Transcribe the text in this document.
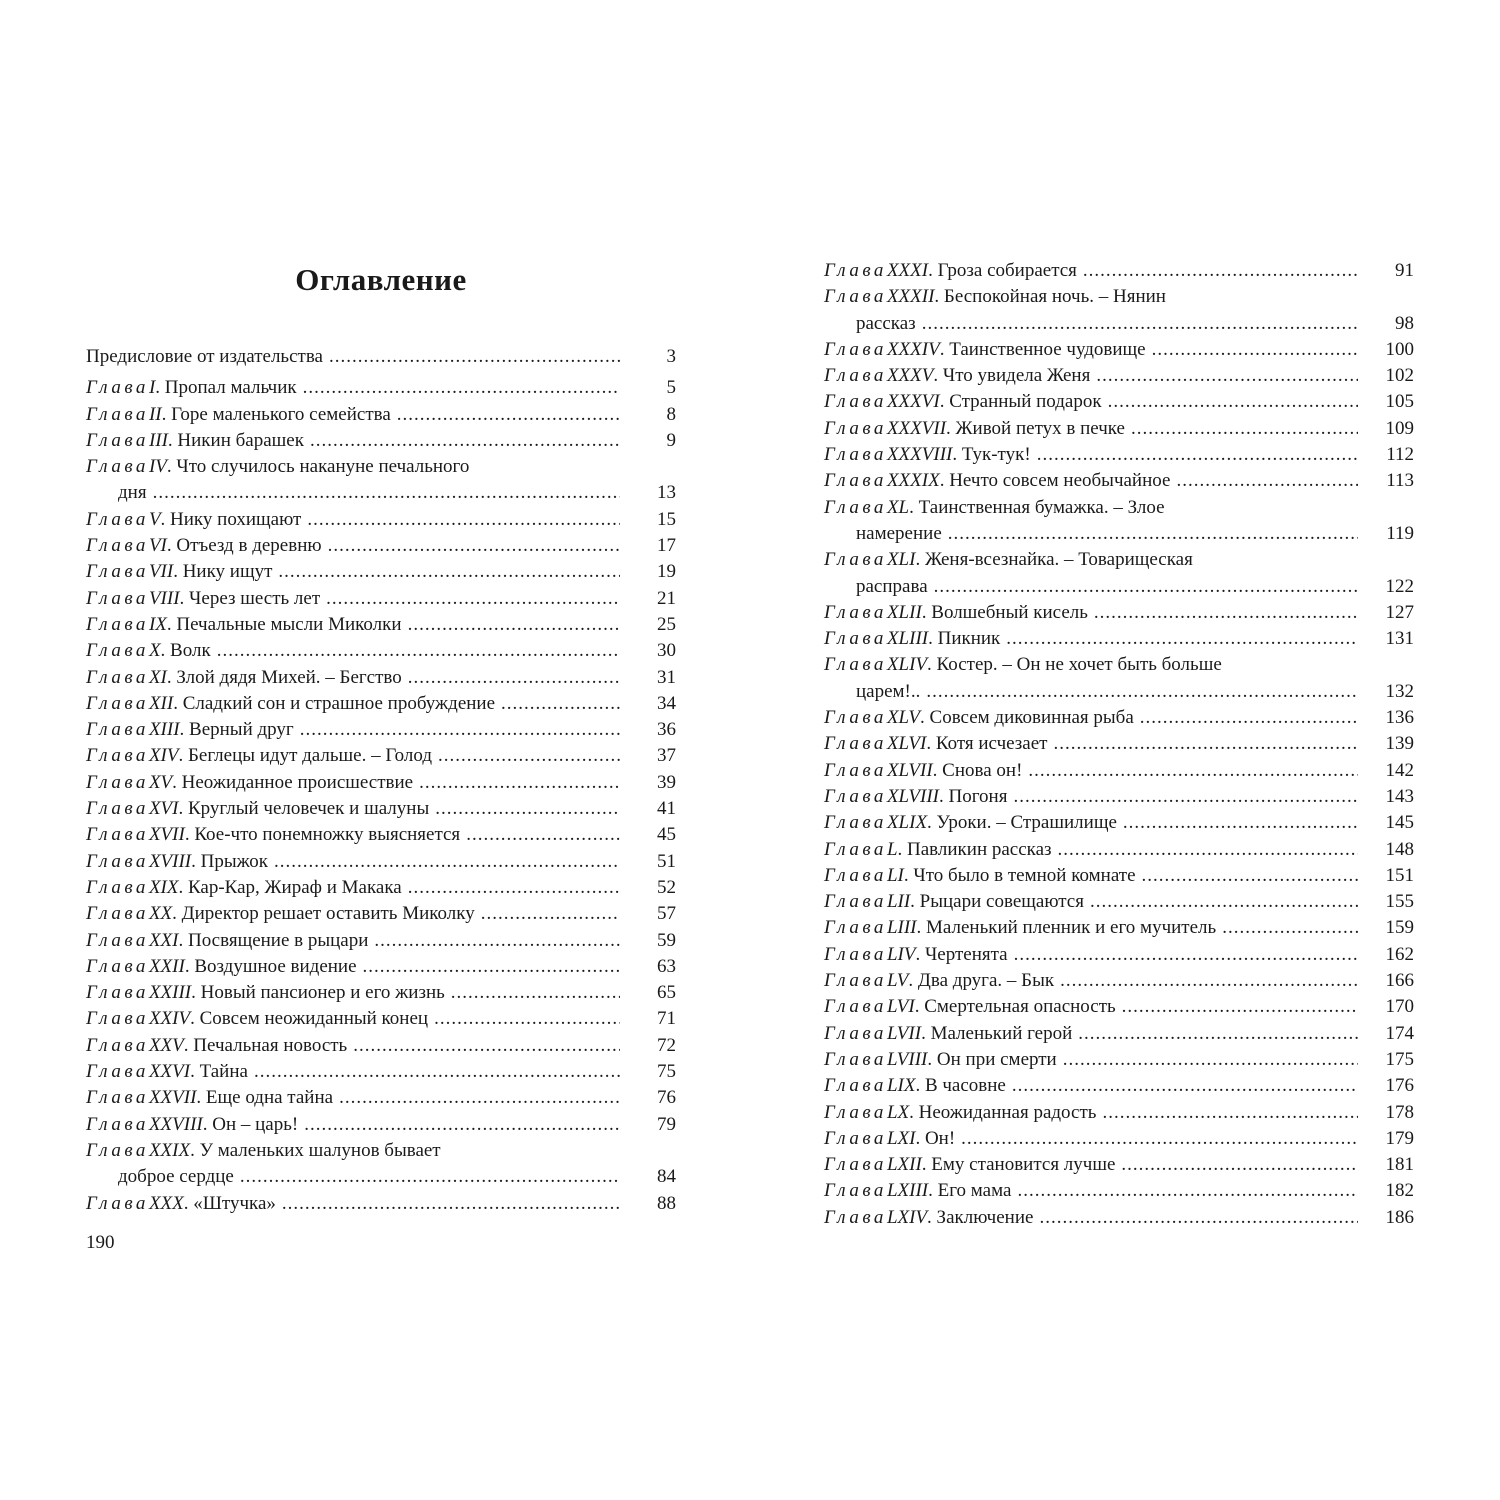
Оглавление
Предисловие от издательства .....	3
Глава I . Пропал мальчик .....	5
Глава II . Горе маленького семейства .....	8
Глава III . Никин барашек .....	9
Глава IV . Что случилось накануне печального
дня .....	13
Глава V . Нику похищают .....	15
Глава VI . Отъезд в деревню .....	17
Глава VII . Нику ищут .....	19
Глава VIII . Через шесть лет .....	21
Глава IX . Печальные мысли Миколки .....	25
Глава X . Волк .....	30
Глава XI . Злой дядя Михей. – Бегство .....	31
Глава XII . Сладкий сон и страшное пробуждение .....	34
Глава XIII . Верный друг .....	36
Глава XIV . Беглецы идут дальше. – Голод .....	37
Глава XV . Неожиданное происшествие .....	39
Глава XVI . Круглый человечек и шалуны .....	41
Глава XVII . Кое-что понемножку выясняется .....	45
Глава XVIII . Прыжок .....	51
Глава XIX . Кар-Кар, Жираф и Макака .....	52
Глава XX . Директор решает оставить Миколку .....	57
Глава XXI . Посвящение в рыцари .....	59
Глава XXII . Воздушное видение .....	63
Глава XXIII . Новый пансионер и его жизнь .....	65
Глава XXIV . Совсем неожиданный конец .....	71
Глава XXV . Печальная новость .....	72
Глава XXVI . Тайна .....	75
Глава XXVII . Еще одна тайна .....	76
Глава XXVIII . Он – царь! .....	79
Глава XXIX . У маленьких шалунов бывает
доброе сердце .....	84
Глава XXX . «Штучка» .....	88
Глава XXXI . Гроза собирается .....	91
Глава XXXII . Беспокойная ночь. – Нянин
рассказ .....	98
Глава XXXIV . Таинственное чудовище .....	100
Глава XXXV . Что увидела Женя .....	102
Глава XXXVI . Странный подарок .....	105
Глава XXXVII . Живой петух в печке .....	109
Глава XXXVIII . Тук-тук! .....	112
Глава XXXIX . Нечто совсем необычайное .....	113
Глава XL . Таинственная бумажка. – Злое
намерение .....	119
Глава XLI . Женя-всезнайка. – Товарищеская
расправа .....	122
Глава XLII . Волшебный кисель .....	127
Глава XLIII . Пикник .....	131
Глава XLIV . Костер. – Он не хочет быть больше
царем!.. .....	132
Глава XLV . Совсем диковинная рыба .....	136
Глава XLVI . Котя исчезает .....	139
Глава XLVII . Снова он! .....	142
Глава XLVIII . Погоня .....	143
Глава XLIX . Уроки. – Страшилище .....	145
Глава L . Павликин рассказ .....	148
Глава LI . Что было в темной комнате .....	151
Глава LII . Рыцари совещаются .....	155
Глава LIII . Маленький пленник и его мучитель .....	159
Глава LIV . Чертенята .....	162
Глава LV . Два друга. – Бык .....	166
Глава LVI . Смертельная опасность .....	170
Глава LVII . Маленький герой .....	174
Глава LVIII . Он при смерти .....	175
Глава LIX . В часовне .....	176
Глава LX . Неожиданная радость .....	178
Глава LXI . Он! .....	179
Глава LXII . Ему становится лучше .....	181
Глава LXIII . Его мама .....	182
Глава LXIV . Заключение .....	186
190
